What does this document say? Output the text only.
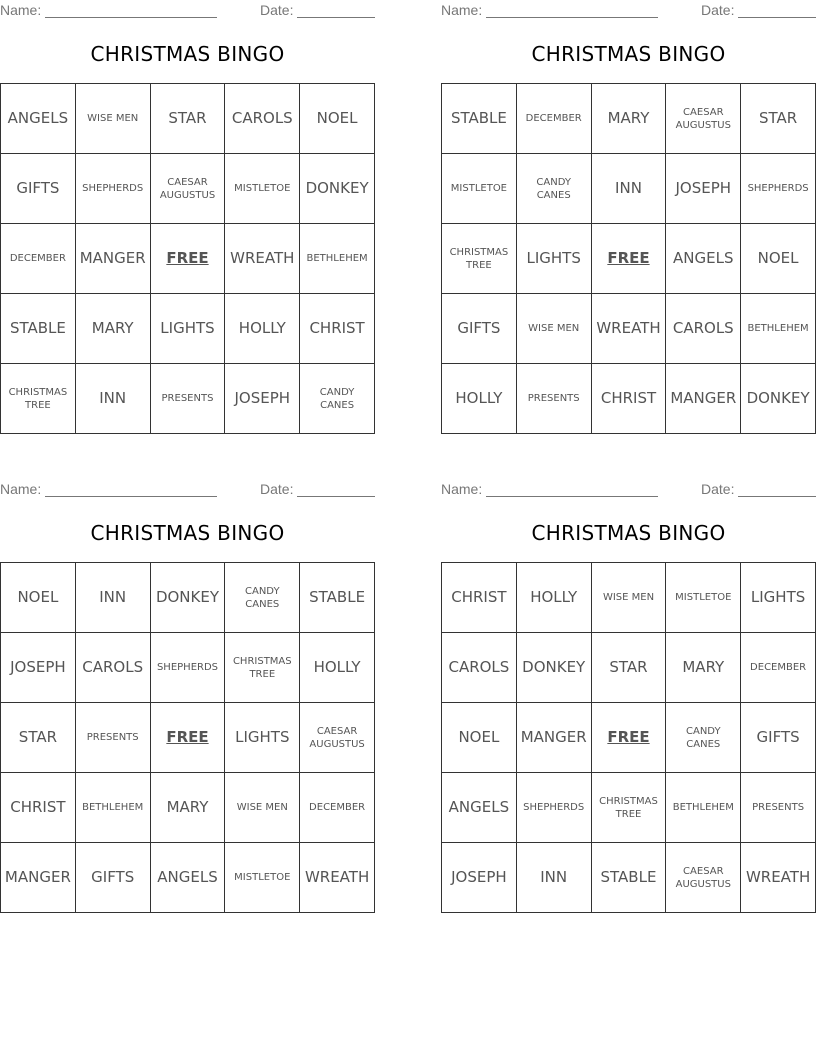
Name:	Date:
CHRISTMAS BINGO
ANGELS	WISE MEN	STAR	CAROLS	NOEL
GIFTS	SHEPHERDS	CAESAR AUGUSTUS	MISTLETOE	DONKEY
DECEMBER	MANGER	FREE	WREATH	BETHLEHEM
STABLE	MARY	LIGHTS	HOLLY	CHRIST
CHRISTMAS TREE	INN	PRESENTS	JOSEPH	CANDY CANES
Name:	Date:
CHRISTMAS BINGO
STABLE	DECEMBER	MARY	CAESAR AUGUSTUS	STAR
MISTLETOE	CANDY CANES	INN	JOSEPH	SHEPHERDS
CHRISTMAS TREE	LIGHTS	FREE	ANGELS	NOEL
GIFTS	WISE MEN	WREATH	CAROLS	BETHLEHEM
HOLLY	PRESENTS	CHRIST	MANGER	DONKEY
Name:	Date:
CHRISTMAS BINGO
NOEL	INN	DONKEY	CANDY CANES	STABLE
JOSEPH	CAROLS	SHEPHERDS	CHRISTMAS TREE	HOLLY
STAR	PRESENTS	FREE	LIGHTS	CAESAR AUGUSTUS
CHRIST	BETHLEHEM	MARY	WISE MEN	DECEMBER
MANGER	GIFTS	ANGELS	MISTLETOE	WREATH
Name:	Date:
CHRISTMAS BINGO
CHRIST	HOLLY	WISE MEN	MISTLETOE	LIGHTS
CAROLS	DONKEY	STAR	MARY	DECEMBER
NOEL	MANGER	FREE	CANDY CANES	GIFTS
ANGELS	SHEPHERDS	CHRISTMAS TREE	BETHLEHEM	PRESENTS
JOSEPH	INN	STABLE	CAESAR AUGUSTUS	WREATH
